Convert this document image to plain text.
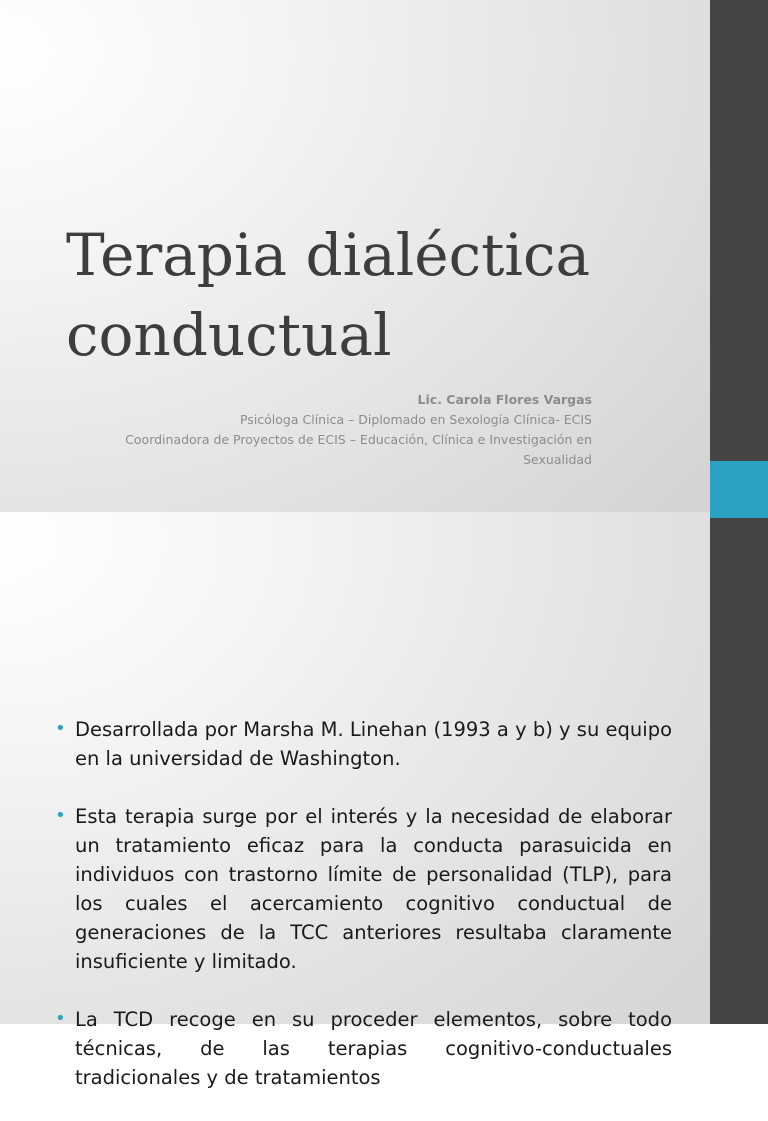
Terapia dialéctica conductual
Lic. Carola Flores Vargas
Psicóloga Clínica – Diplomado en Sexología Clínica- ECIS
Coordinadora de Proyectos de ECIS – Educación, Clínica e Investigación en Sexualidad
• Desarrollada por Marsha M. Linehan (1993 a y b) y su equipo en la universidad de Washington.
• Esta terapia surge por el interés y la necesidad de elaborar un tratamiento eficaz para la conducta parasuicida en individuos con trastorno límite de personalidad (TLP), para los cuales el acercamiento cognitivo conductual de generaciones de la TCC anteriores resultaba claramente insuficiente y limitado.
• La TCD recoge en su proceder elementos, sobre todo técnicas, de las terapias cognitivo-conductuales tradicionales y de tratamientos
